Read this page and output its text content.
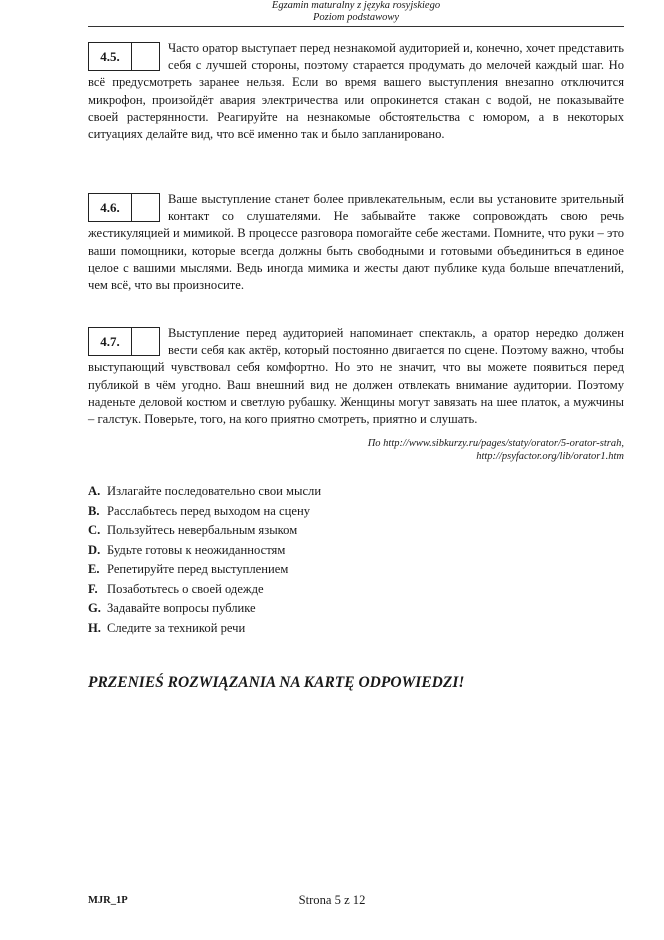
Egzamin maturalny z języka rosyjskiego
Poziom podstawowy
4.5.
Часто оратор выступает перед незнакомой аудиторией и, конечно, хочет представить себя с лучшей стороны, поэтому старается продумать до мелочей каждый шаг. Но всё предусмотреть заранее нельзя. Если во время вашего выступления внезапно отключится микрофон, произойдёт авария электричества или опрокинется стакан с водой, не показывайте своей растерянности. Реагируйте на незнакомые обстоятельства с юмором, а в некоторых ситуациях делайте вид, что всё именно так и было запланировано.
4.6.
Ваше выступление станет более привлекательным, если вы установите зрительный контакт со слушателями. Не забывайте также сопровождать свою речь жестикуляцией и мимикой. В процессе разговора помогайте себе жестами. Помните, что руки – это ваши помощники, которые всегда должны быть свободными и готовыми объединиться в единое целое с вашими мыслями. Ведь иногда мимика и жесты дают публике куда больше впечатлений, чем всё, что вы произносите.
4.7.
Выступление перед аудиторией напоминает спектакль, а оратор нередко должен вести себя как актёр, который постоянно двигается по сцене. Поэтому важно, чтобы выступающий чувствовал себя комфортно. Но это не значит, что вы можете появиться перед публикой в чём угодно. Ваш внешний вид не должен отвлекать внимание аудитории. Поэтому наденьте деловой костюм и светлую рубашку. Женщины могут завязать на шее платок, а мужчины – галстук. Поверьте, того, на кого приятно смотреть, приятно и слушать.
По http://www.sibkurzy.ru/pages/staty/orator/5-orator-strah,
http://psyfactor.org/lib/orator1.htm
A. Излагайте последовательно свои мысли
B. Расслабьтесь перед выходом на сцену
C. Пользуйтесь невербальным языком
D. Будьте готовы к неожиданностям
E. Репетируйте перед выступлением
F. Позаботьтесь о своей одежде
G. Задавайте вопросы публике
H. Следите за техникой речи
PRZENIEŚ ROZWIĄZANIA NA KARTĘ ODPOWIEDZI!
MJR_1P	Strona 5 z 12
